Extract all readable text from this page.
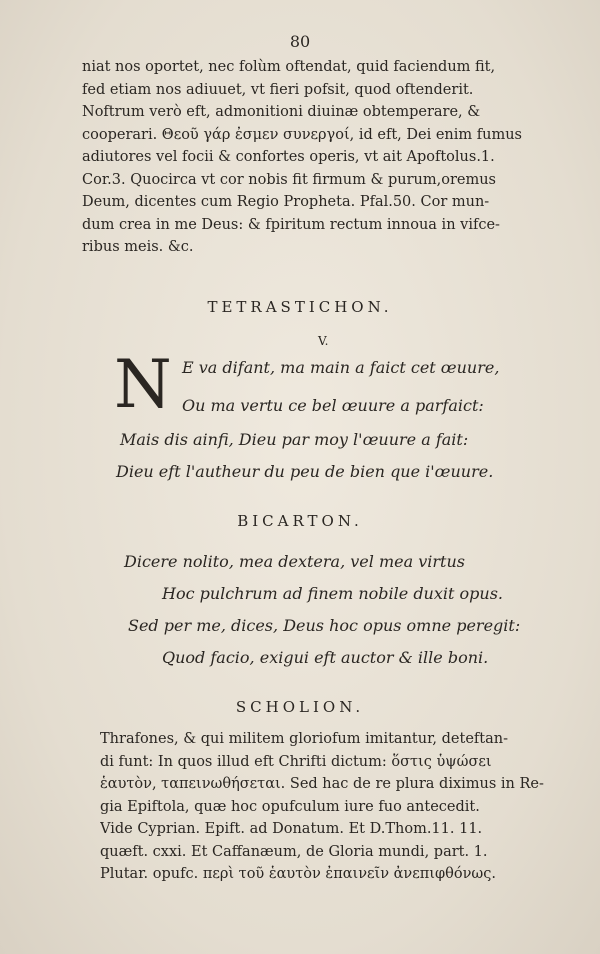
80
niat nos oportet, nec folùm oftendat, quid faciendum fit,
fed etiam nos adiuuet, vt fieri pofsit, quod oftenderit.
Noftrum verò eft, admonitioni diuinæ obtemperare, &
cooperari. Θεοῦ γάρ ἐσμεν συνεργοί, id eft, Dei enim fumus
adiutores vel focii & confortes operis, vt ait Apoftolus.1.
Cor.3. Quocirca vt cor nobis fit firmum & purum,oremus
Deum, dicentes cum Regio Propheta. Pfal.50. Cor mun-
dum crea in me Deus: & fpiritum rectum innoua in vifce-
ribus meis. &c.
TETRASTICHON.
V.
N E va difant, ma main a faict cet œuure,
Ou ma vertu ce bel œuure a parfaict:
Mais dis ainfi, Dieu par moy l'œuure a fait:
Dieu eft l'autheur du peu de bien que i'œuure.
BICARTON.
Dicere nolito, mea dextera, vel mea virtus
Hoc pulchrum ad finem nobile duxit opus.
Sed per me, dices, Deus hoc opus omne peregit:
Quod facio, exigui eft auctor & ille boni.
SCHOLION.
Thrafones, & qui militem gloriofum imitantur, deteftan-
di funt: In quos illud eft Chrifti dictum: ὅστις ὑψώσει
ἑαυτὸν, ταπεινωθήσεται. Sed hac de re plura diximus in Re-
gia Epiftola, quæ hoc opufculum iure fuo antecedit.
Vide Cyprian. Epift. ad Donatum. Et D.Thom.11. 11.
quæft. cxxi. Et Caffanæum, de Gloria mundi, part. 1.
Plutar. opufc. περὶ τοῦ ἑαυτὸν ἐπαινεῖν ἀνεπιφθόνως.
